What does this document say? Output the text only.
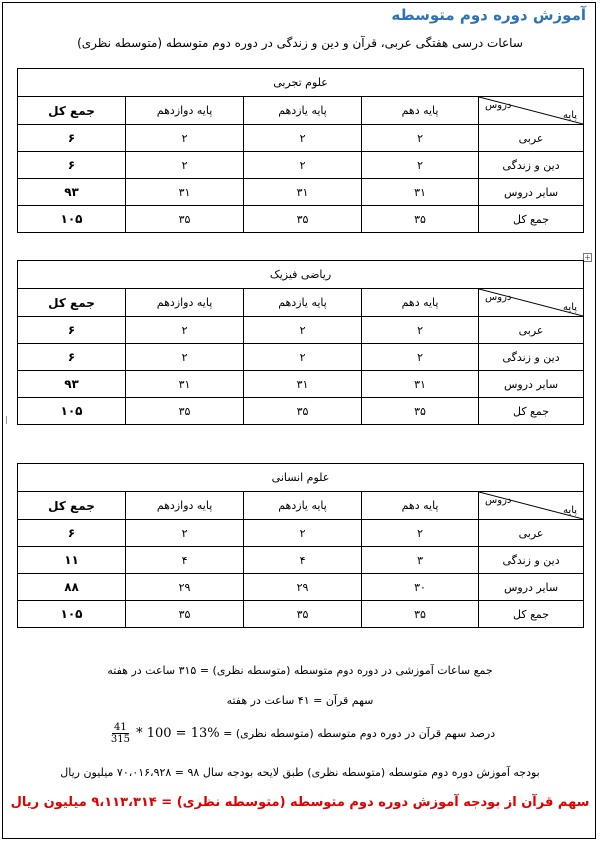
آموزش دوره دوم متوسطه
ساعات درسی هفتگی عربی، قرآن و دین و زندگی در دوره دوم متوسطه (متوسطه نظری)
علوم تجربی				

دروس
پایه	پایه دهم	پایه یازدهم	پایه دوازدهم	جمع کل
عربی	۲	۲	۲	۶
دین و زندگی	۲	۲	۲	۶
سایر دروس	۳۱	۳۱	۳۱	۹۳
جمع کل	۳۵	۳۵	۳۵	۱۰۵
+
ریاضی فیزیک				

دروس
پایه	پایه دهم	پایه یازدهم	پایه دوازدهم	جمع کل
عربی	۲	۲	۲	۶
دین و زندگی	۲	۲	۲	۶
سایر دروس	۳۱	۳۱	۳۱	۹۳
جمع کل	۳۵	۳۵	۳۵	۱۰۵
علوم انسانی				

دروس
پایه	پایه دهم	پایه یازدهم	پایه دوازدهم	جمع کل
عربی	۲	۲	۲	۶
دین و زندگی	۳	۴	۴	۱۱
سایر دروس	۳۰	۲۹	۲۹	۸۸
جمع کل	۳۵	۳۵	۳۵	۱۰۵
جمع ساعات آموزشی در دوره دوم متوسطه (متوسطه نظری) = ۳۱۵ ساعت در هفته
سهم قرآن = ۴۱ ساعت در هفته
درصد سهم قرآن در دوره دوم متوسطه (متوسطه نظری) =
$\frac{41}{315} * 100 = 13\%$
بودجه آموزش دوره دوم متوسطه (متوسطه نظری) طبق لایحه بودجه سال ۹۸ = ۷۰،۰۱۶،۹۲۸ میلیون ریال
سهم قرآن از بودجه آموزش دوره دوم متوسطه (متوسطه نظری) = ۹،۱۱۳،۳۱۴ میلیون ریال
